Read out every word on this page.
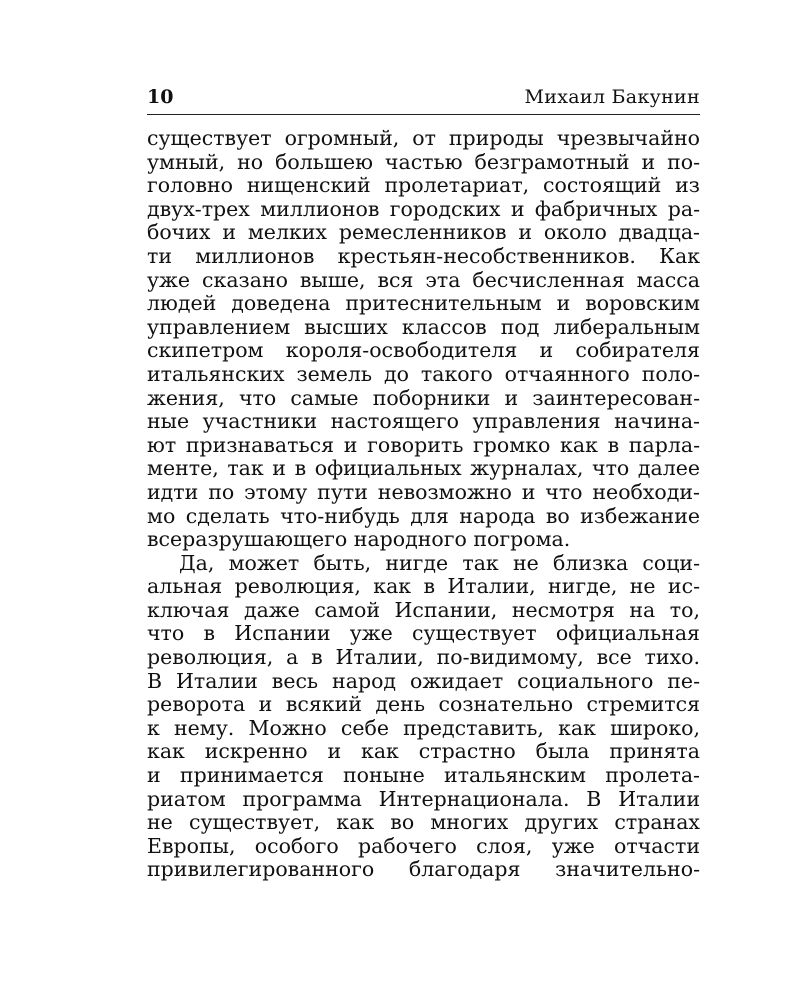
10	Михаил Бакунин
существует огромный, от природы чрезвычайно
умный, но большею частью безграмотный и по-
головно нищенский пролетариат, состоящий из
двух-трех миллионов городских и фабричных ра-
бочих и мелких ремесленников и около двадца-
ти миллионов крестьян-несобственников. Как
уже сказано выше, вся эта бесчисленная масса
людей доведена притеснительным и воровским
управлением высших классов под либеральным
скипетром короля-освободителя и собирателя
итальянских земель до такого отчаянного поло-
жения, что самые поборники и заинтересован-
ные участники настоящего управления начина-
ют признаваться и говорить громко как в парла-
менте, так и в официальных журналах, что далее
идти по этому пути невозможно и что необходи-
мо сделать что-нибудь для народа во избежание
всеразрушающего народного погрома.
Да, может быть, нигде так не близка соци-
альная революция, как в Италии, нигде, не ис-
ключая даже самой Испании, несмотря на то,
что в Испании уже существует официальная
революция, а в Италии, по-видимому, все тихо.
В Италии весь народ ожидает социального пе-
реворота и всякий день сознательно стремится
к нему. Можно себе представить, как широко,
как искренно и как страстно была принята
и принимается поныне итальянским пролета-
риатом программа Интернационала. В Италии
не существует, как во многих других странах
Европы, особого рабочего слоя, уже отчасти
привилегированного благодаря значительно-
